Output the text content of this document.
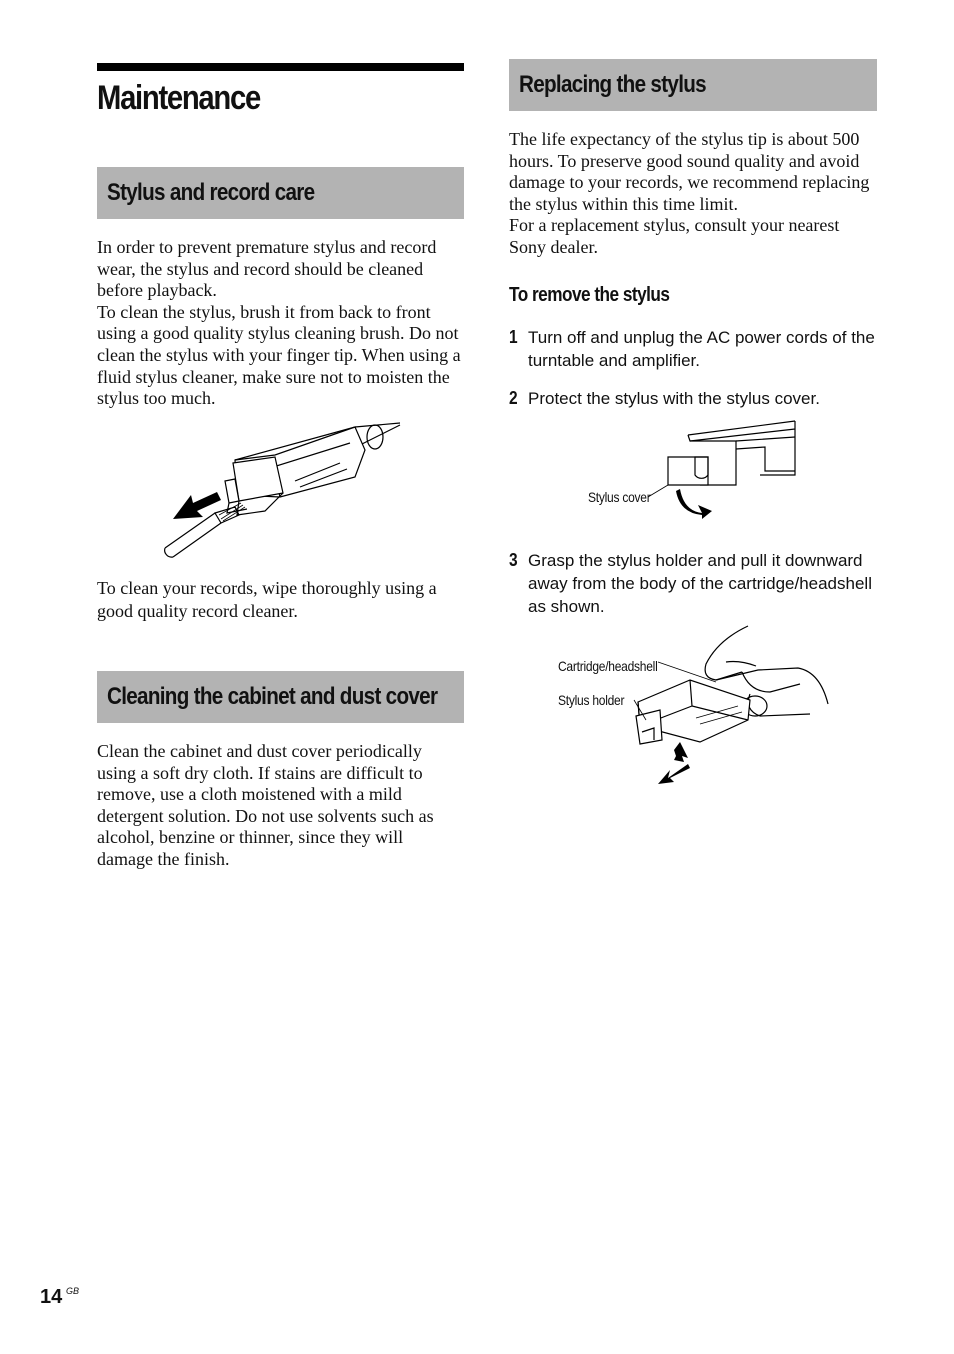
Maintenance
Stylus and record care

In order to prevent premature stylus and record wear, the stylus and record should be cleaned before playback.

To clean the stylus, brush it from back to front using a good quality stylus cleaning brush. Do not clean the stylus with your finger tip. When using a fluid stylus cleaner, make sure not to moisten the stylus too much.

To clean your records, wipe thoroughly using a good quality record cleaner.
Cleaning the cabinet and dust cover
Clean the cabinet and dust cover periodically using a soft dry cloth. If stains are difficult to remove, use a cloth moistened with a mild detergent solution. Do not use solvents such as alcohol, benzine or thinner, since they will damage the finish.
Replacing the stylus

The life expectancy of the stylus tip is about 500 hours. To preserve good sound quality and avoid damage to your records, we recommend replacing the stylus within this time limit.

For a replacement stylus, consult your nearest Sony dealer.

To remove the stylus
1 Turn off and unplug the AC power cords of the turntable and amplifier.
2 Protect the stylus with the stylus cover.
Stylus cover
3 Grasp the stylus holder and pull it downward away from the body of the cartridge/headshell as shown.
Cartridge/headshell
Stylus holder
14 GB
